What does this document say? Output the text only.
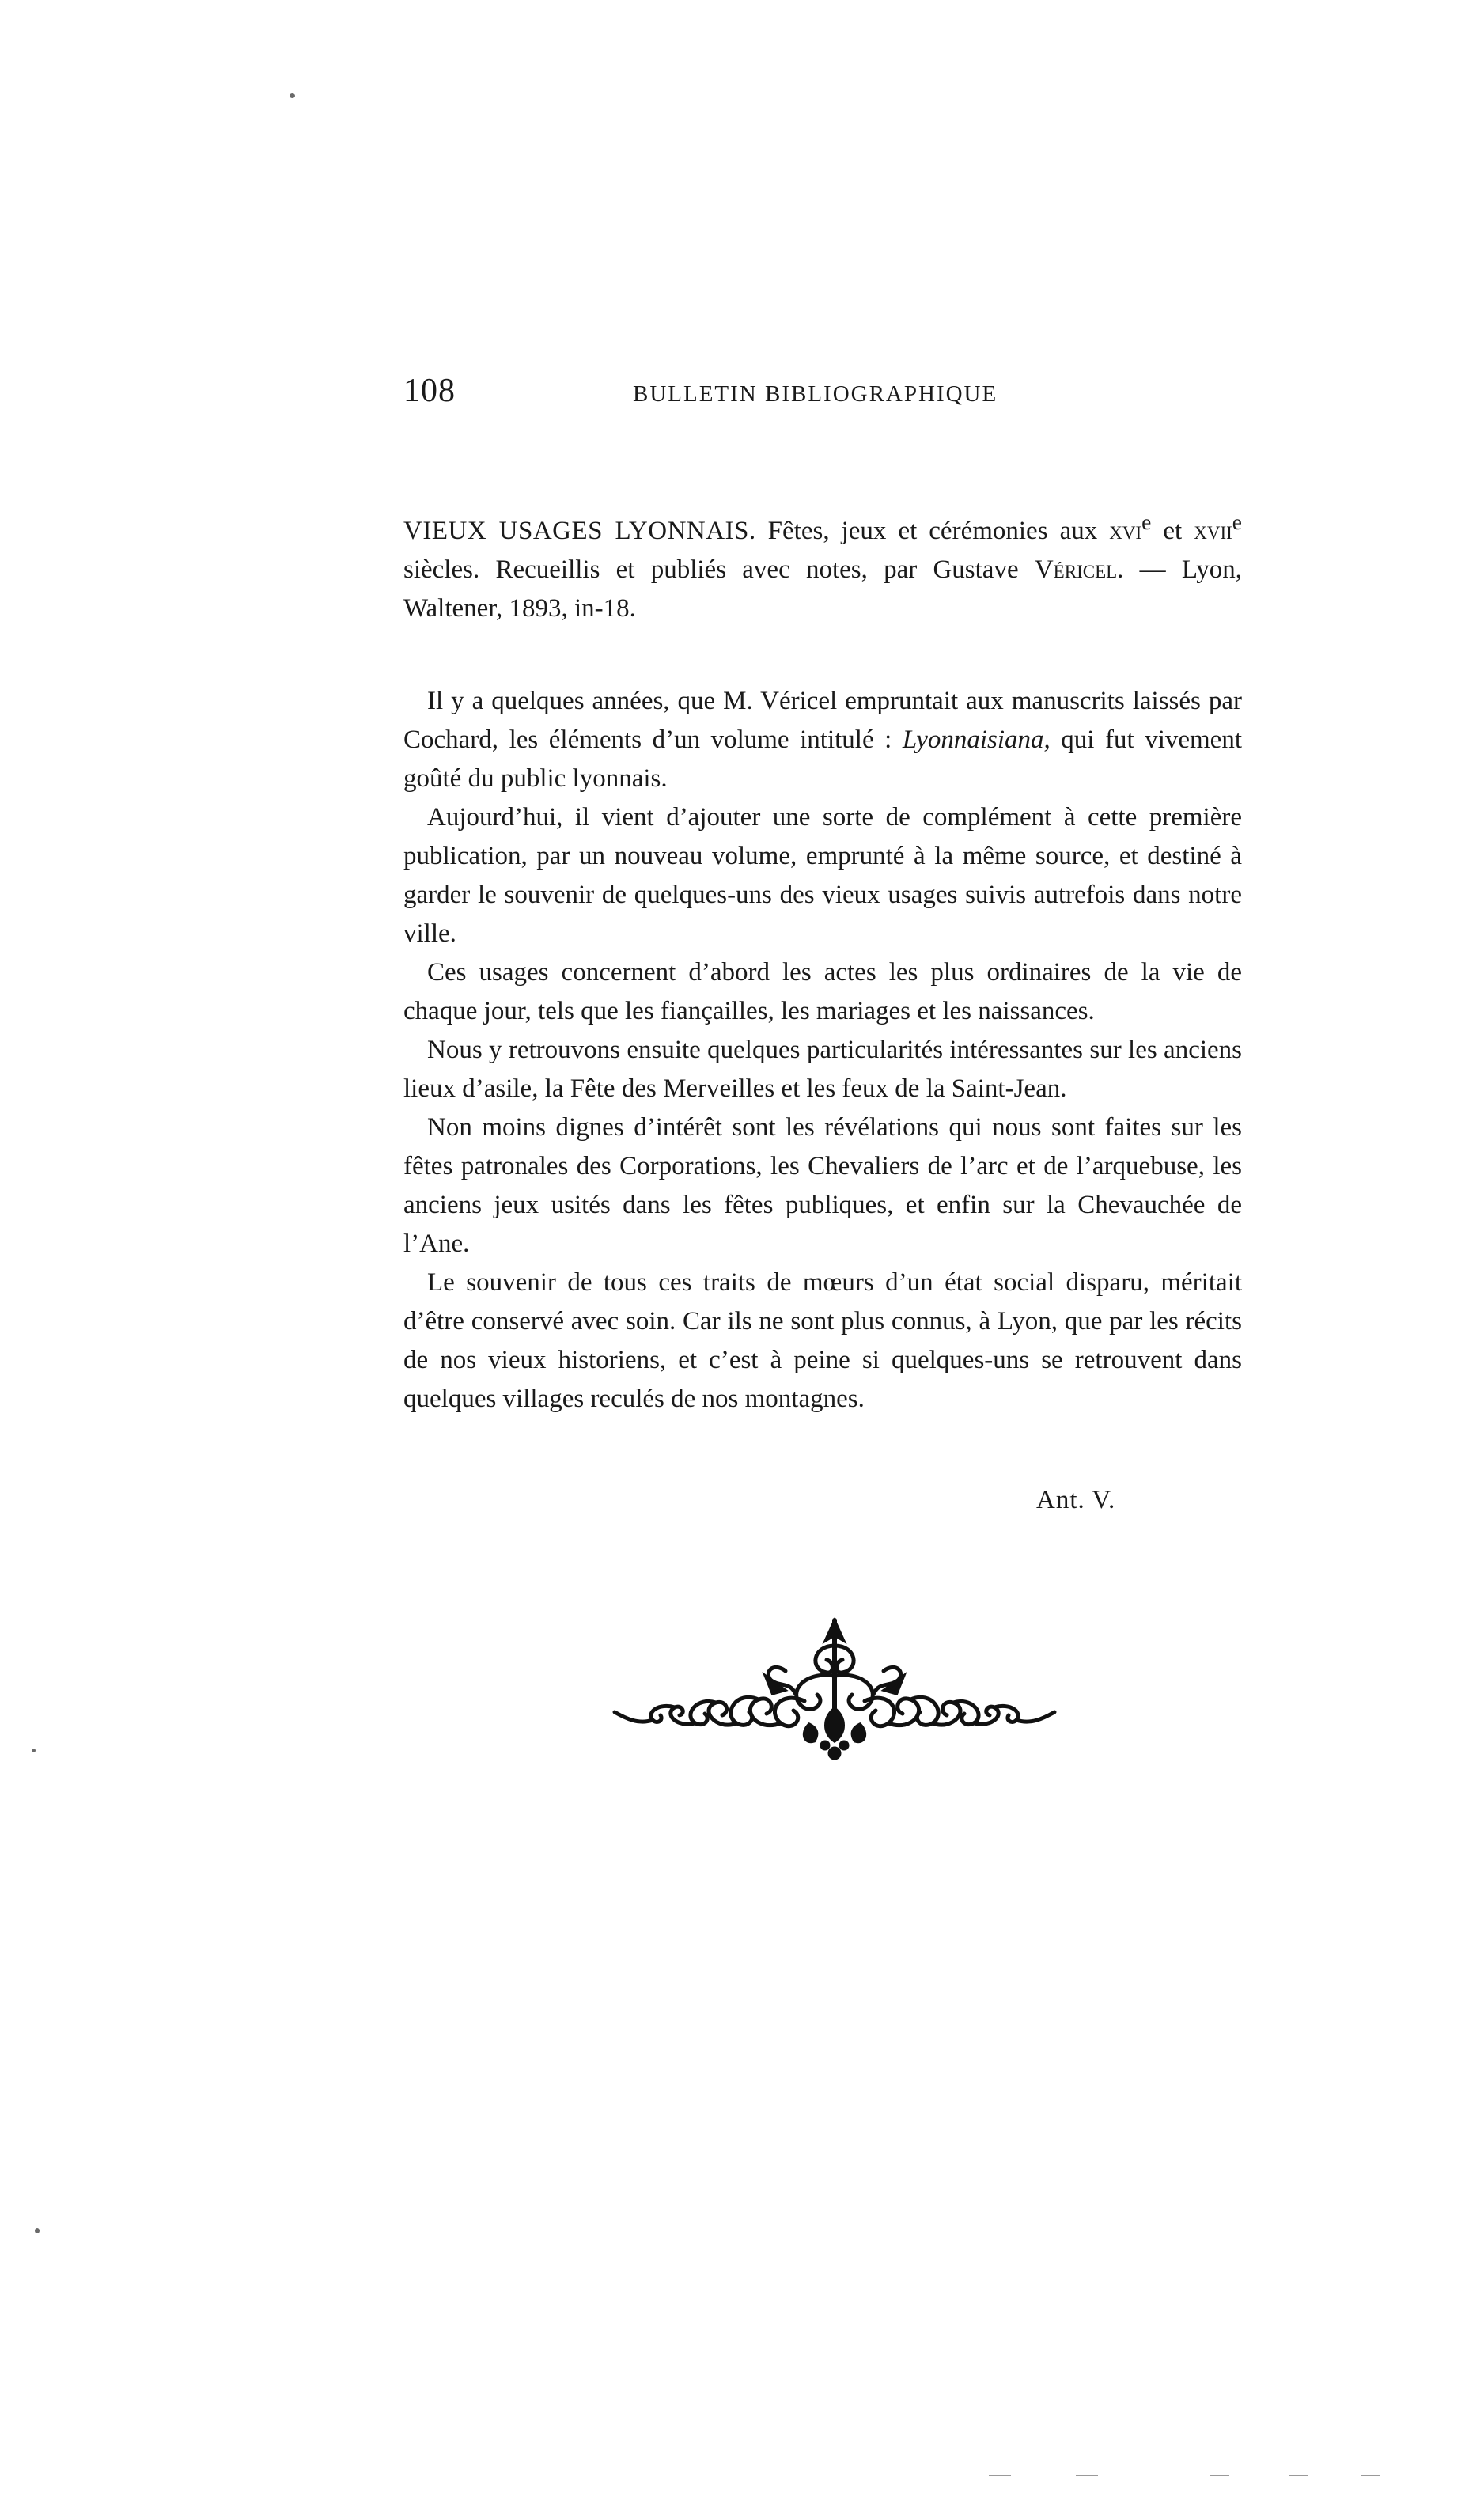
108	BULLETIN BIBLIOGRAPHIQUE

VIEUX USAGES LYONNAIS. Fêtes, jeux et cérémonies aux xvi$^e$ et xvii$^e$ siècles. Recueillis et publiés avec notes, par Gustave Véricel. — Lyon, Waltener, 1893, in-18.

Il y a quelques années, que M. Véricel empruntait aux manuscrits laissés par Cochard, les éléments d’un volume intitulé : Lyonnaisiana, qui fut vivement goûté du public lyonnais.

Aujourd’hui, il vient d’ajouter une sorte de complément à cette première publication, par un nouveau volume, emprunté à la même source, et destiné à garder le souvenir de quelques-uns des vieux usages suivis autrefois dans notre ville.

Ces usages concernent d’abord les actes les plus ordinaires de la vie de chaque jour, tels que les fiançailles, les mariages et les naissances.

Nous y retrouvons ensuite quelques particularités intéressantes sur les anciens lieux d’asile, la Fête des Merveilles et les feux de la Saint-Jean.

Non moins dignes d’intérêt sont les révélations qui nous sont faites sur les fêtes patronales des Corporations, les Chevaliers de l’arc et de l’arquebuse, les anciens jeux usités dans les fêtes publiques, et enfin sur la Chevauchée de l’Ane.

Le souvenir de tous ces traits de mœurs d’un état social disparu, méritait d’être conservé avec soin. Car ils ne sont plus connus, à Lyon, que par les récits de nos vieux historiens, et c’est à peine si quelques-uns se retrouvent dans quelques villages reculés de nos montagnes.

Ant. V.
